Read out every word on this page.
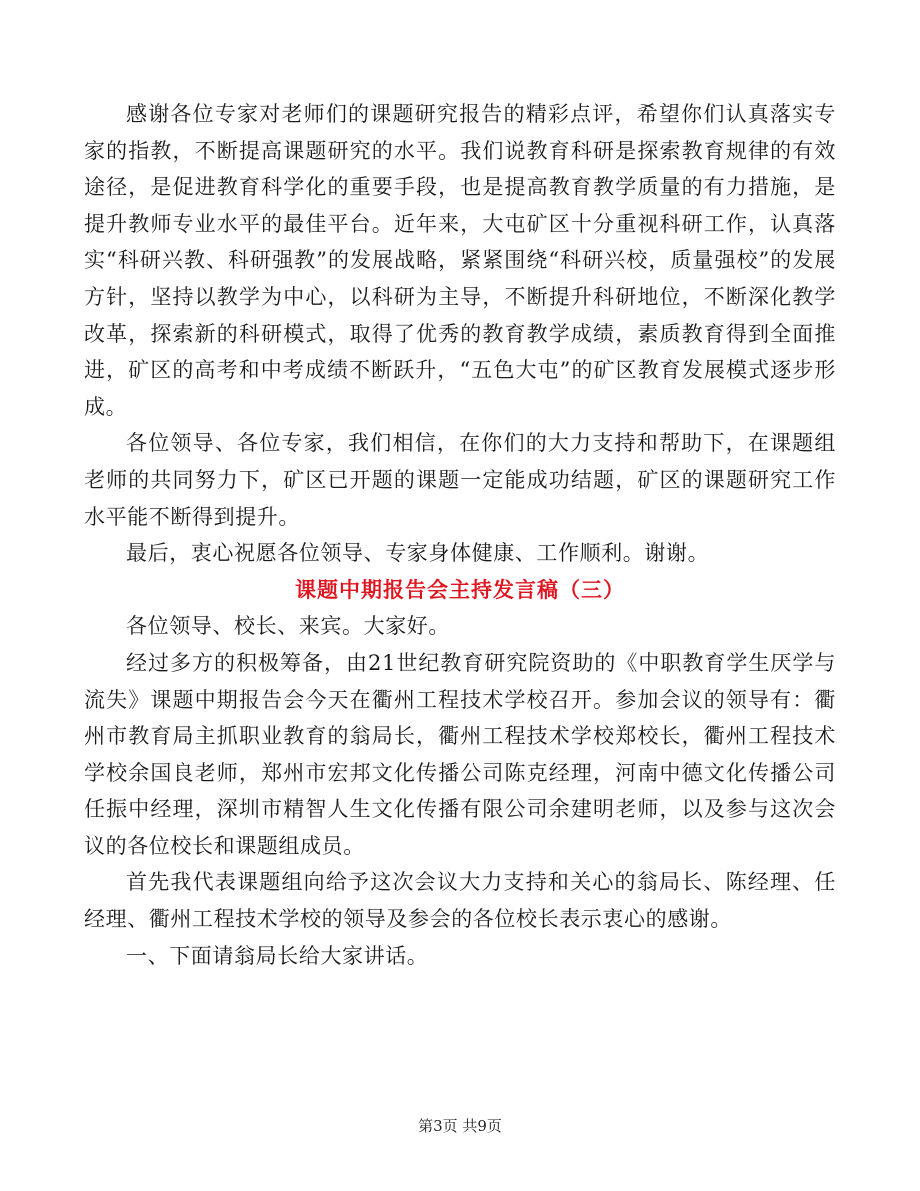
感谢各位专家对老师们的课题研究报告的精彩点评，希望你们认真落实专家的指教，不断提高课题研究的水平。我们说教育科研是探索教育规律的有效途径，是促进教育科学化的重要手段，也是提高教育教学质量的有力措施，是提升教师专业水平的最佳平台。近年来，大屯矿区十分重视科研工作，认真落实“科研兴教、科研强教”的发展战略，紧紧围绕“科研兴校，质量强校”的发展方针，坚持以教学为中心，以科研为主导，不断提升科研地位，不断深化教学改革，探索新的科研模式，取得了优秀的教育教学成绩，素质教育得到全面推进，矿区的高考和中考成绩不断跃升，“五色大屯”的矿区教育发展模式逐步形成。

各位领导、各位专家，我们相信，在你们的大力支持和帮助下，在课题组老师的共同努力下，矿区已开题的课题一定能成功结题，矿区的课题研究工作水平能不断得到提升。

最后，衷心祝愿各位领导、专家身体健康、工作顺利。谢谢。

课题中期报告会主持发言稿（三）

各位领导、校长、来宾。大家好。

经过多方的积极筹备，由21世纪教育研究院资助的《中职教育学生厌学与流失》课题中期报告会今天在衢州工程技术学校召开。参加会议的领导有：衢州市教育局主抓职业教育的翁局长，衢州工程技术学校郑校长，衢州工程技术学校余国良老师，郑州市宏邦文化传播公司陈克经理，河南中德文化传播公司任振中经理，深圳市精智人生文化传播有限公司余建明老师，以及参与这次会议的各位校长和课题组成员。

首先我代表课题组向给予这次会议大力支持和关心的翁局长、陈经理、任经理、衢州工程技术学校的领导及参会的各位校长表示衷心的感谢。

一、下面请翁局长给大家讲话。

第3页 共9页
